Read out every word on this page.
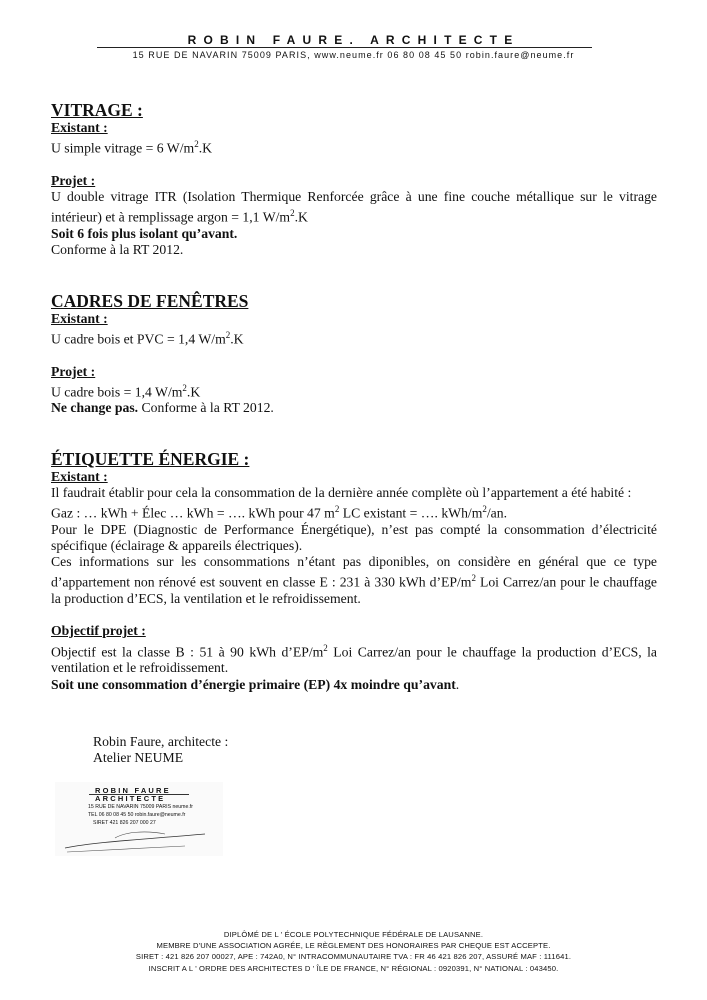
ROBIN FAURE. ARCHITECTE
15 RUE DE NAVARIN 75009 PARIS, www.neume.fr 06 80 08 45 50 robin.faure@neume.fr
VITRAGE :
Existant :

U simple vitrage = 6 $W/m^2.K$

Projet :

U double vitrage ITR (Isolation Thermique Renforcée grâce à une fine couche métallique sur le vitrage intérieur) et à remplissage argon = 1,1 $W/m^2.K$

Soit 6 fois plus isolant qu’avant.

Conforme à la RT 2012.

CADRES DE FENÊTRES
Existant :

U cadre bois et PVC = 1,4 $W/m^2.K$

Projet :

U cadre bois = 1,4 $W/m^2.K$

Ne change pas. Conforme à la RT 2012.

ÉTIQUETTE ÉNERGIE :
Existant :

Il faudrait établir pour cela la consommation de la dernière année complète où l’appartement a été habité :

Gaz : … kWh + Élec … kWh = …. kWh pour 47 $m^2$ LC existant = …. kWh/$m^2/an$.

Pour le DPE (Diagnostic de Performance Énergétique), n’est pas compté la consommation d’électricité spécifique (éclairage & appareils électriques).

Ces informations sur les consommations n’étant pas diponibles, on considère en général que ce type d’appartement non rénové est souvent en classe E : 231 à 330 kWh $d’EP/m^2$ Loi Carrez/an pour le chauffage la production d’ECS, la ventilation et le refroidissement.

Objectif projet :

Objectif est la classe B : 51 à 90 kWh $d’EP/m^2$ Loi Carrez/an pour le chauffage la production d’ECS, la ventilation et le refroidissement.

Soit une consommation d’énergie primaire (EP) 4x moindre qu’avant.

Robin Faure, architecte :
Atelier NEUME
ROBIN FAURE
ARCHITECTE
15 RUE DE NAVARIN 75009 PARIS neume.fr
TEL 06 80 08 45 50 robin.faure@neume.fr
SIRET 421 826 207 000 27
DIPLÔMÉ DE L ' ÉCOLE POLYTECHNIQUE FÉDÉRALE DE LAUSANNE.
MEMBRE D'UNE ASSOCIATION AGRÉE, LE RÈGLEMENT DES HONORAIRES PAR CHEQUE EST ACCEPTE.
SIRET : 421 826 207 00027, APE : 742A0, N° INTRACOMMUNAUTAIRE TVA : FR 46 421 826 207, ASSURÉ MAF : 111641.
INSCRIT A L ' ORDRE DES ARCHITECTES D ' ÎLE DE FRANCE, N° RÉGIONAL : 0920391, N° NATIONAL : 043450.
